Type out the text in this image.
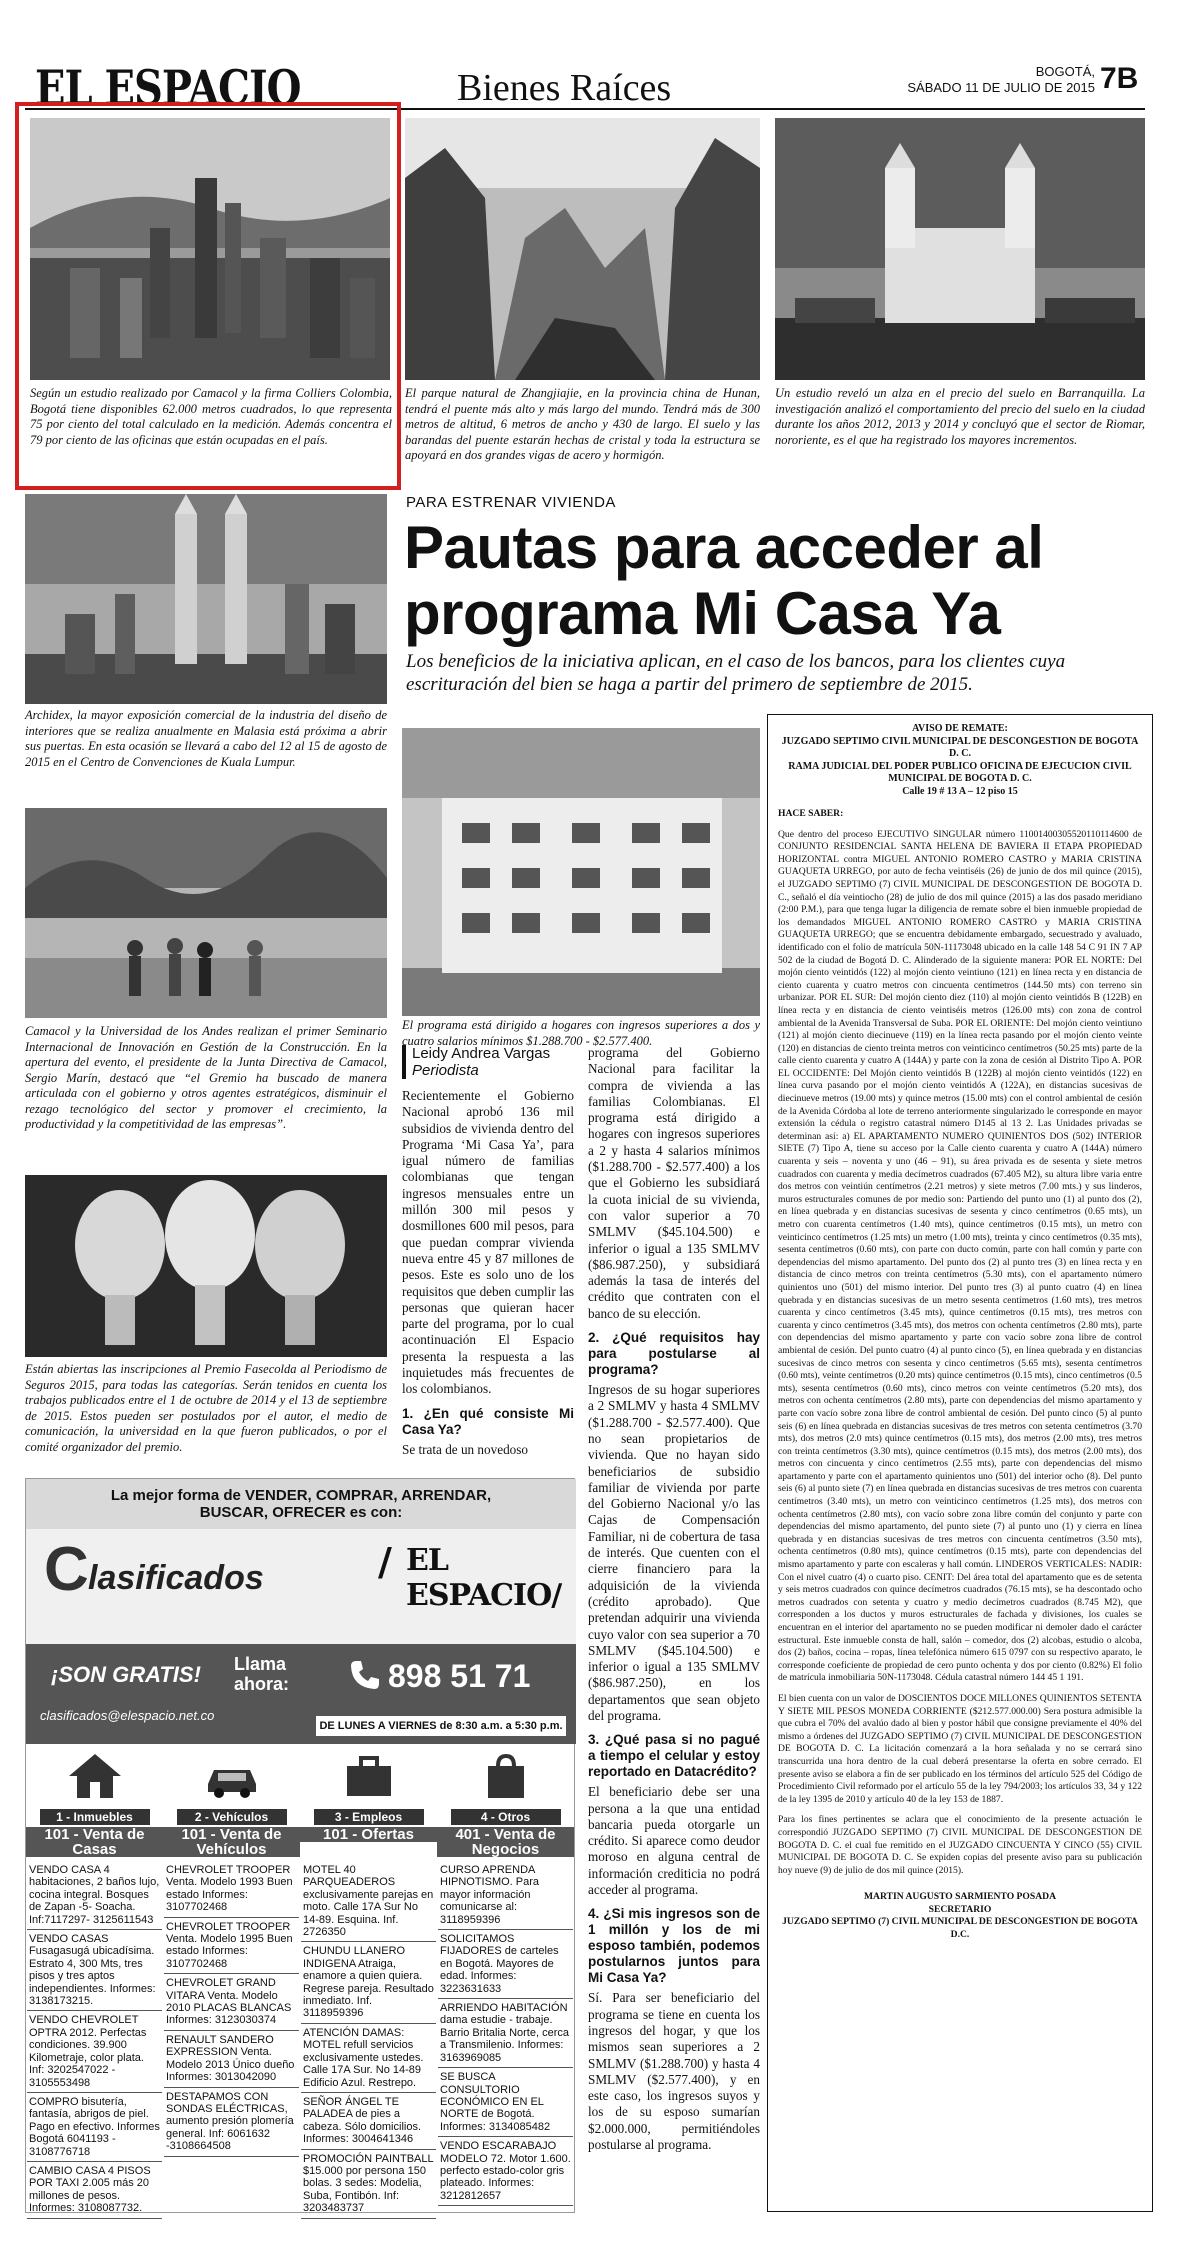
EL ESPACIO	Bienes Raíces	BOGOTÁ,
SÁBADO 11 DE JULIO DE 2015 7B
Según un estudio realizado por Camacol y la firma Colliers Colombia, Bogotá tiene disponibles 62.000 metros cuadrados, lo que representa 75 por ciento del total calculado en la medición. Además concentra el 79 por ciento de las oficinas que están ocupadas en el país.
El parque natural de Zhangjiajie, en la provincia china de Hunan, tendrá el puente más alto y más largo del mundo. Tendrá más de 300 metros de altitud, 6 metros de ancho y 430 de largo. El suelo y las barandas del puente estarán hechas de cristal y toda la estructura se apoyará en dos grandes vigas de acero y hormigón.
Un estudio reveló un alza en el precio del suelo en Barranquilla. La investigación analizó el comportamiento del precio del suelo en la ciudad durante los años 2012, 2013 y 2014 y concluyó que el sector de Riomar, nororiente, es el que ha registrado los mayores incrementos.
Archidex, la mayor exposición comercial de la industria del diseño de interiores que se realiza anualmente en Malasia está próxima a abrir sus puertas. En esta ocasión se llevará a cabo del 12 al 15 de agosto de 2015 en el Centro de Convenciones de Kuala Lumpur.
Camacol y la Universidad de los Andes realizan el primer Seminario Internacional de Innovación en Gestión de la Construcción. En la apertura del evento, el presidente de la Junta Directiva de Camacol, Sergio Marín, destacó que “el Gremio ha buscado de manera articulada con el gobierno y otros agentes estratégicos, disminuir el rezago tecnológico del sector y promover el crecimiento, la productividad y la competitividad de las empresas”.
Están abiertas las inscripciones al Premio Fasecolda al Periodismo de Seguros 2015, para todas las categorías. Serán tenidos en cuenta los trabajos publicados entre el 1 de octubre de 2014 y el 13 de septiembre de 2015. Estos pueden ser postulados por el autor, el medio de comunicación, la universidad en la que fueron publicados, o por el comité organizador del premio.
PARA ESTRENAR VIVIENDA
Pautas para acceder al programa Mi Casa Ya
Los beneficios de la iniciativa aplican, en el caso de los bancos, para los clientes cuya escrituración del bien se haga a partir del primero de septiembre de 2015.
El programa está dirigido a hogares con ingresos superiores a dos y cuatro salarios mínimos $1.288.700 - $2.577.400.
Leidy Andrea Vargas
Periodista

Recientemente el Gobierno Nacional aprobó 136 mil subsidios de vivienda dentro del Programa ‘Mi Casa Ya’, para igual número de familias colombianas que tengan ingresos mensuales entre un millón 300 mil pesos y dosmillones 600 mil pesos, para que puedan comprar vivienda nueva entre 45 y 87 millones de pesos. Este es solo uno de los requisitos que deben cumplir las personas que quieran hacer parte del programa, por lo cual acontinuación El Espacio presenta la respuesta a las inquietudes más frecuentes de los colombianos.

1. ¿En qué consiste Mi Casa Ya?

Se trata de un novedoso

programa del Gobierno Nacional para facilitar la compra de vivienda a las familias Colombianas. El programa está dirigido a hogares con ingresos superiores a 2 y hasta 4 salarios mínimos ($1.288.700 - $2.577.400) a los que el Gobierno les subsidiará la cuota inicial de su vivienda, con valor superior a 70 SMLMV ($45.104.500) e inferior o igual a 135 SMLMV ($86.987.250), y subsidiará además la tasa de interés del crédito que contraten con el banco de su elección.

2. ¿Qué requisitos hay para postularse al programa?

Ingresos de su hogar superiores a 2 SMLMV y hasta 4 SMLMV ($1.288.700 - $2.577.400). Que no sean propietarios de vivienda. Que no hayan sido beneficiarios de subsidio familiar de vivienda por parte del Gobierno Nacional y/o las Cajas de Compensación Familiar, ni de cobertura de tasa de interés. Que cuenten con el cierre financiero para la adquisición de la vivienda (crédito aprobado). Que pretendan adquirir una vivienda cuyo valor con sea superior a 70 SMLMV ($45.104.500) e inferior o igual a 135 SMLMV ($86.987.250), en los departamentos que sean objeto del programa.

3. ¿Qué pasa si no pagué a tiempo el celular y estoy reportado en Datacrédito?

El beneficiario debe ser una persona a la que una entidad bancaria pueda otorgarle un crédito. Si aparece como deudor moroso en alguna central de información crediticia no podrá acceder al programa.

4. ¿Si mis ingresos son de 1 millón y los de mi esposo también, podemos postularnos juntos para Mi Casa Ya?

Sí. Para ser beneficiario del programa se tiene en cuenta los ingresos del hogar, y que los mismos sean superiores a 2 SMLMV ($1.288.700) y hasta 4 SMLMV ($2.577.400), y en este caso, los ingresos suyos y los de su esposo sumarían $2.000.000, permitiéndoles postularse al programa.

AVISO DE REMATE:
JUZGADO SEPTIMO CIVIL MUNICIPAL DE DESCONGESTION DE BOGOTA D. C.
RAMA JUDICIAL DEL PODER PUBLICO OFICINA DE EJECUCION CIVIL MUNICIPAL DE BOGOTA D. C.
Calle 19 # 13 A – 12 piso 15
HACE SABER:

Que dentro del proceso EJECUTIVO SINGULAR número 11001400305520110114600 de CONJUNTO RESIDENCIAL SANTA HELENA DE BAVIERA II ETAPA PROPIEDAD HORIZONTAL contra MIGUEL ANTONIO ROMERO CASTRO y MARIA CRISTINA GUAQUETA URREGO, por auto de fecha veintiséis (26) de junio de dos mil quince (2015), el JUZGADO SEPTIMO (7) CIVIL MUNICIPAL DE DESCONGESTION DE BOGOTA D. C., señaló el día veintiocho (28) de julio de dos mil quince (2015) a las dos pasado meridiano (2:00 P.M.), para que tenga lugar la diligencia de remate sobre el bien inmueble propiedad de los demandados MIGUEL ANTONIO ROMERO CASTRO y MARIA CRISTINA GUAQUETA URREGO; que se encuentra debidamente embargado, secuestrado y avaluado, identificado con el folio de matrícula 50N-11173048 ubicado en la calle 148 54 C 91 IN 7 AP 502 de la ciudad de Bogotá D. C. Alinderado de la siguiente manera: POR EL NORTE: Del mojón ciento veintidós (122) al mojón ciento veintiuno (121) en línea recta y en distancia de ciento cuarenta y cuatro metros con cincuenta centímetros (144.50 mts) con terreno sin urbanizar. POR EL SUR: Del mojón ciento diez (110) al mojón ciento veintidós B (122B) en línea recta y en distancia de ciento veintiséis metros (126.00 mts) con zona de control ambiental de la Avenida Transversal de Suba. POR EL ORIENTE: Del mojón ciento veintiuno (121) al mojón ciento diecinueve (119) en la línea recta pasando por el mojón ciento veinte (120) en distancias de ciento treinta metros con veinticinco centímetros (50.25 mts) parte de la calle ciento cuarenta y cuatro A (144A) y parte con la zona de cesión al Distrito Tipo A. POR EL OCCIDENTE: Del Mojón ciento veintidós B (122B) al mojón ciento veintidós (122) en línea curva pasando por el mojón ciento veintidós A (122A), en distancias sucesivas de diecinueve metros (19.00 mts) y quince metros (15.00 mts) con el control ambiental de cesión de la Avenida Córdoba al lote de terreno anteriormente singularizado le corresponde en mayor extensión la cédula o registro catastral número D145 al 13 2. Las Unidades privadas se determinan así: a) EL APARTAMENTO NUMERO QUINIENTOS DOS (502) INTERIOR SIETE (7) Tipo A, tiene su acceso por la Calle ciento cuarenta y cuatro A (144A) número cuarenta y seis – noventa y uno (46 – 91), su área privada es de sesenta y siete metros cuadrados con cuarenta y media decímetros cuadrados (67.405 M2), su altura libre varia entre dos metros con veintiún centímetros (2.21 metros) y siete metros (7.00 mts.) y sus linderos, muros estructurales comunes de por medio son: Partiendo del punto uno (1) al punto dos (2), en línea quebrada y en distancias sucesivas de sesenta y cinco centímetros (0.65 mts), un metro con cuarenta centímetros (1.40 mts), quince centímetros (0.15 mts), un metro con veinticinco centímetros (1.25 mts) un metro (1.00 mts), treinta y cinco centímetros (0.35 mts), sesenta centímetros (0.60 mts), con parte con ducto común, parte con hall común y parte con dependencias del mismo apartamento. Del punto dos (2) al punto tres (3) en línea recta y en distancia de cinco metros con treinta centímetros (5.30 mts), con el apartamento número quinientos uno (501) del mismo interior. Del punto tres (3) al punto cuatro (4) en línea quebrada y en distancias sucesivas de un metro sesenta centímetros (1.60 mts), tres metros cuarenta y cinco centímetros (3.45 mts), quince centímetros (0.15 mts), tres metros con cuarenta y cinco centímetros (3.45 mts), dos metros con ochenta centímetros (2.80 mts), parte con dependencias del mismo apartamento y parte con vacío sobre zona libre de control ambiental de cesión. Del punto cuatro (4) al punto cinco (5), en línea quebrada y en distancias sucesivas de cinco metros con sesenta y cinco centímetros (5.65 mts), sesenta centímetros (0.60 mts), veinte centímetros (0.20 mts) quince centímetros (0.15 mts), cinco centímetros (0.5 mts), sesenta centímetros (0.60 mts), cinco metros con veinte centímetros (5.20 mts), dos metros con ochenta centímetros (2.80 mts), parte con dependencias del mismo apartamento y parte con vacío sobre zona libre de control ambiental de cesión. Del punto cinco (5) al punto seis (6) en línea quebrada en distancias sucesivas de tres metros con setenta centímetros (3.70 mts), dos metros (2.0 mts) quince centímetros (0.15 mts), dos metros (2.00 mts), tres metros con treinta centímetros (3.30 mts), quince centímetros (0.15 mts), dos metros (2.00 mts), dos metros con cincuenta y cinco centímetros (2.55 mts), parte con dependencias del mismo apartamento y parte con el apartamento quinientos uno (501) del interior ocho (8). Del punto seis (6) al punto siete (7) en línea quebrada en distancias sucesivas de tres metros con cuarenta centímetros (3.40 mts), un metro con veinticinco centímetros (1.25 mts), dos metros con ochenta centímetros (2.80 mts), con vacío sobre zona libre común del conjunto y parte con dependencias del mismo apartamento, del punto siete (7) al punto uno (1) y cierra en línea quebrada y en distancias sucesivas de tres metros con cincuenta centímetros (3.50 mts), ochenta centímetros (0.80 mts), quince centímetros (0.15 mts), parte con dependencias del mismo apartamento y parte con escaleras y hall común. LINDEROS VERTICALES: NADIR: Con el nivel cuatro (4) o cuarto piso. CENIT: Del área total del apartamento que es de setenta y seis metros cuadrados con quince decímetros cuadrados (76.15 mts), se ha descontado ocho metros cuadrados con setenta y cuatro y medio decímetros cuadrados (8.745 M2), que corresponden a los ductos y muros estructurales de fachada y divisiones, los cuales se encuentran en el interior del apartamento no se pueden modificar ni demoler dado el carácter estructural. Este inmueble consta de hall, salón – comedor, dos (2) alcobas, estudio o alcoba, dos (2) baños, cocina – ropas, línea telefónica número 615 0797 con su respectivo aparato, le corresponde coeficiente de propiedad de cero punto ochenta y dos por ciento (0.82%) El folio de matrícula inmobiliaria 50N-1173048. Cédula catastral número 144 45 1 191.

El bien cuenta con un valor de DOSCIENTOS DOCE MILLONES QUINIENTOS SETENTA Y SIETE MIL PESOS MONEDA CORRIENTE ($212.577.000.00) Sera postura admisible la que cubra el 70% del avalúo dado al bien y postor hábil que consigne previamente el 40% del mismo a órdenes del JUZGADO SEPTIMO (7) CIVIL MUNICIPAL DE DESCONGESTION DE BOGOTA D. C. La licitación comenzará a la hora señalada y no se cerrará sino transcurrida una hora dentro de la cual deberá presentarse la oferta en sobre cerrado. El presente aviso se elabora a fin de ser publicado en los términos del artículo 525 del Código de Procedimiento Civil reformado por el artículo 55 de la ley 794/2003; los artículos 33, 34 y 122 de la ley 1395 de 2010 y artículo 40 de la ley 153 de 1887.

Para los fines pertinentes se aclara que el conocimiento de la presente actuación le correspondió JUZGADO SEPTIMO (7) CIVIL MUNICIPAL DE DESCONGESTION DE BOGOTA D. C. el cual fue remitido en el JUZGADO CINCUENTA Y CINCO (55) CIVIL MUNICIPAL DE BOGOTA D. C. Se expiden copias del presente aviso para su publicación hoy nueve (9) de julio de dos mil quince (2015).

MARTIN AUGUSTO SARMIENTO POSADA
SECRETARIO
JUZGADO SEPTIMO (7) CIVIL MUNICIPAL DE DESCONGESTION DE BOGOTA D.C.
La mejor forma de VENDER, COMPRAR, ARRENDAR,
BUSCAR, OFRECER es con:
C lasificados	/ EL ESPACIO/
¡SON GRATIS! Llama
ahora:	898 51 71
clasificados@elespacio.net.co
DE LUNES A VIERNES de 8:30 a.m. a 5:30 p.m.
1 - Inmuebles
101 - Venta de Casas
2 - Vehículos
101 - Venta de Vehículos
3 - Empleos
101 - Ofertas
4 - Otros
401 - Venta de Negocios
VENDO CASA 4 habitaciones, 2 baños lujo, cocina integral. Bosques de Zapan -5- Soacha. Inf:7117297- 3125611543
VENDO CASAS Fusagasugá ubicadísima. Estrato 4, 300 Mts, tres pisos y tres aptos independientes. Informes: 3138173215.
VENDO CHEVROLET OPTRA 2012. Perfectas condiciones. 39.900 Kilometraje, color plata. Inf: 3202547022 - 3105553498
COMPRO bisutería, fantasía, abrigos de piel. Pago en efectivo. Informes Bogotá 6041193 - 3108776718
CAMBIO CASA 4 PISOS POR TAXI 2.005 más 20 millones de pesos. Informes: 3108087732.
CHEVROLET TROOPER Venta. Modelo 1993 Buen estado Informes: 3107702468
CHEVROLET TROOPER Venta. Modelo 1995 Buen estado Informes: 3107702468
CHEVROLET GRAND VITARA Venta. Modelo 2010 PLACAS BLANCAS Informes: 3123030374
RENAULT SANDERO EXPRESSION Venta. Modelo 2013 Único dueño Informes: 3013042090
DESTAPAMOS CON SONDAS ELÉCTRICAS, aumento presión plomería general. Inf: 6061632 -3108664508
MOTEL 40 PARQUEADEROS exclusivamente parejas en moto. Calle 17A Sur No 14-89. Esquina. Inf. 2726350
CHUNDU LLANERO INDIGENA Atraiga, enamore a quien quiera. Regrese pareja. Resultado inmediato. Inf. 3118959396
ATENCIÓN DAMAS: MOTEL refull servicios exclusivamente ustedes. Calle 17A Sur. No 14-89 Edificio Azul. Restrepo.
SEÑOR ÁNGEL TE PALADEA de pies a cabeza. Sólo domicilios. Informes: 3004641346
PROMOCIÓN PAINTBALL $15.000 por persona 150 bolas. 3 sedes: Modelia, Suba, Fontibón. Inf: 3203483737
CURSO APRENDA HIPNOTISMO. Para mayor información comunicarse al: 3118959396
SOLICITAMOS FIJADORES de carteles en Bogotá. Mayores de edad. Informes: 3223631633
ARRIENDO HABITACIÓN dama estudie - trabaje. Barrio Britalia Norte, cerca a Transmilenio. Informes: 3163969085
SE BUSCA CONSULTORIO ECONÓMICO EN EL NORTE de Bogotá. Informes: 3134085482
VENDO ESCARABAJO MODELO 72. Motor 1.600. perfecto estado-color gris plateado. Informes: 3212812657
